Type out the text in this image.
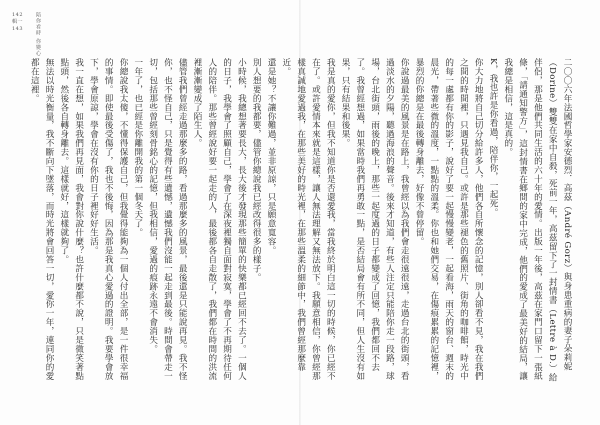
142
輯一
143 陪你看時 你變心

二〇〇六年法國哲學家安德烈．高茲（André Gorz）與身患重病的妻子朵莉妮（Dorine）雙雙在家中自殺，死前一年，高茲留下了一封情書（Lettre à D.）給伴侶，那是他們共同生活的六十年的愛情。出版一年後，高茲在家門口留下一張紙條，「請通知警方」，這封情書在鄉間的家中完成，他們的愛成了最美好的結局，讓我總是相信，這是真的。

K，我也許是你看過，陪伴你，一起死。

你大力地將自己切分給許多人，他們各自所懷念的記憶，別人卻看不見，我在我們之間的時間裡，只遇見我自己。或許是那些褪色的舊照片、街角的咖啡館，時光中的每一處都有你的影子，說好了要一起慢慢變老，一起看海，雨天的窗台、週末的晨光，帶著些微的溫度，一點點的溫柔。你也和她們交易，在傷痕累累的記憶裡，暴烈的你總是在最後轉身離去，好像不曾停留。

你說過最美的風景是在路上，我曾經以為我們會走很遠很遠，走過台北的街頭，看過淡水的夕陽，聽過海浪的聲音。後來才知道，有些人注定只能陪你走一段路，球場，台北街頭，雨後的晚上，那些一起度過的日子都變成了回憶，我們都回不去了。我曾經想過，如果當時我們再勇敢一點，是否結局會有所不同，但人生沒有如果，只有結果和後果。

我是真的愛你，但我不知道你是否還愛我，當我終於明白這一切的時候，你已經不在了。或許愛情本來就是這樣，讓人無法理解又無法放下。我願意相信，你曾經那樣真誠地愛過我，在那些美好的時光裡，在那些溫柔的細節中，我們曾經那麼靠近。

還是她？不讓你難過，並非原諒，只是願意寬容。

別人想要的我都要，儘管你總說我已經改得很多的樣子。

小時候，我總想著要長大，長大後才發現那些簡單的快樂都已經回不去了。一個人的日子，我學會了照顧自己，學會了在深夜裡獨自面對寂寞，學會了不再期待任何人的陪伴。那些曾經說好要一起走的人，最後都各自走散了，我們都在時間的洪流裡漸漸變成了陌生人。

儘管我們曾經走過那麼多的路，看過那麼多的風景，最後還是只能說再見。我不怪你，也不怪自己，只是覺得有些遺憾，遺憾我們沒能一起走到最後。時間會帶走一切，包括那些曾經刻骨銘心的記憶，但我相信，愛過的痕跡永遠不會消失。

一年了，也已經是你離開我的第一個冬天了。

你總說我太傻，不懂得保護自己，但我覺得能夠為一個人付出全部，是一件很幸福的事情。即使最後受傷了，我也不後悔，因為那是我真心愛過的證明。我要學會放下，學會原諒，學會在沒有你的日子裡好好生活。

我一直在想，如果我們再見面，我會對你說什麼？也許什麼都不說，只是微笑著點點頭，然後各自轉身離去。這樣就好，這樣就夠了。

無法以時光衡量，我不斷向下墜落，而時光將會回答一切，愛你一年，連同你的愛都在這裡。
